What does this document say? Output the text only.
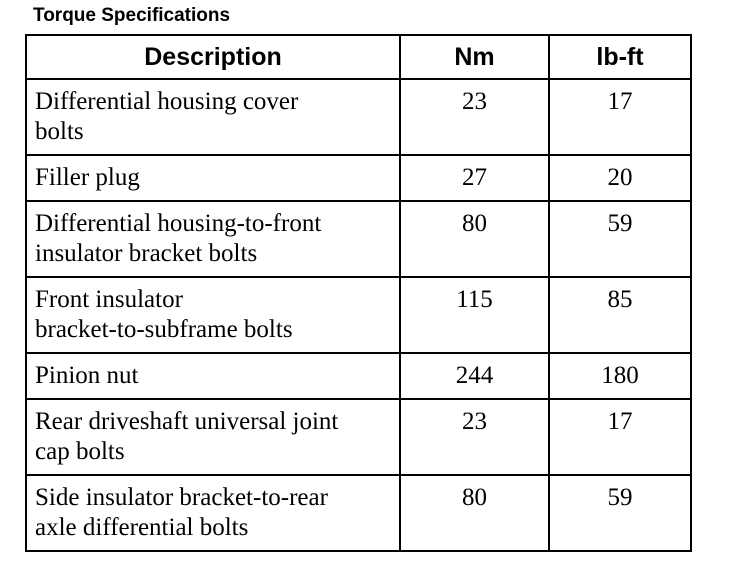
Torque Specifications
Description	Nm	lb-ft
Differential housing cover
bolts	23	17
Filler plug	27	20
Differential housing-to-front
insulator bracket bolts	80	59
Front insulator
bracket-to-subframe bolts	115	85
Pinion nut	244	180
Rear driveshaft universal joint
cap bolts	23	17
Side insulator bracket-to-rear
axle differential bolts	80	59
